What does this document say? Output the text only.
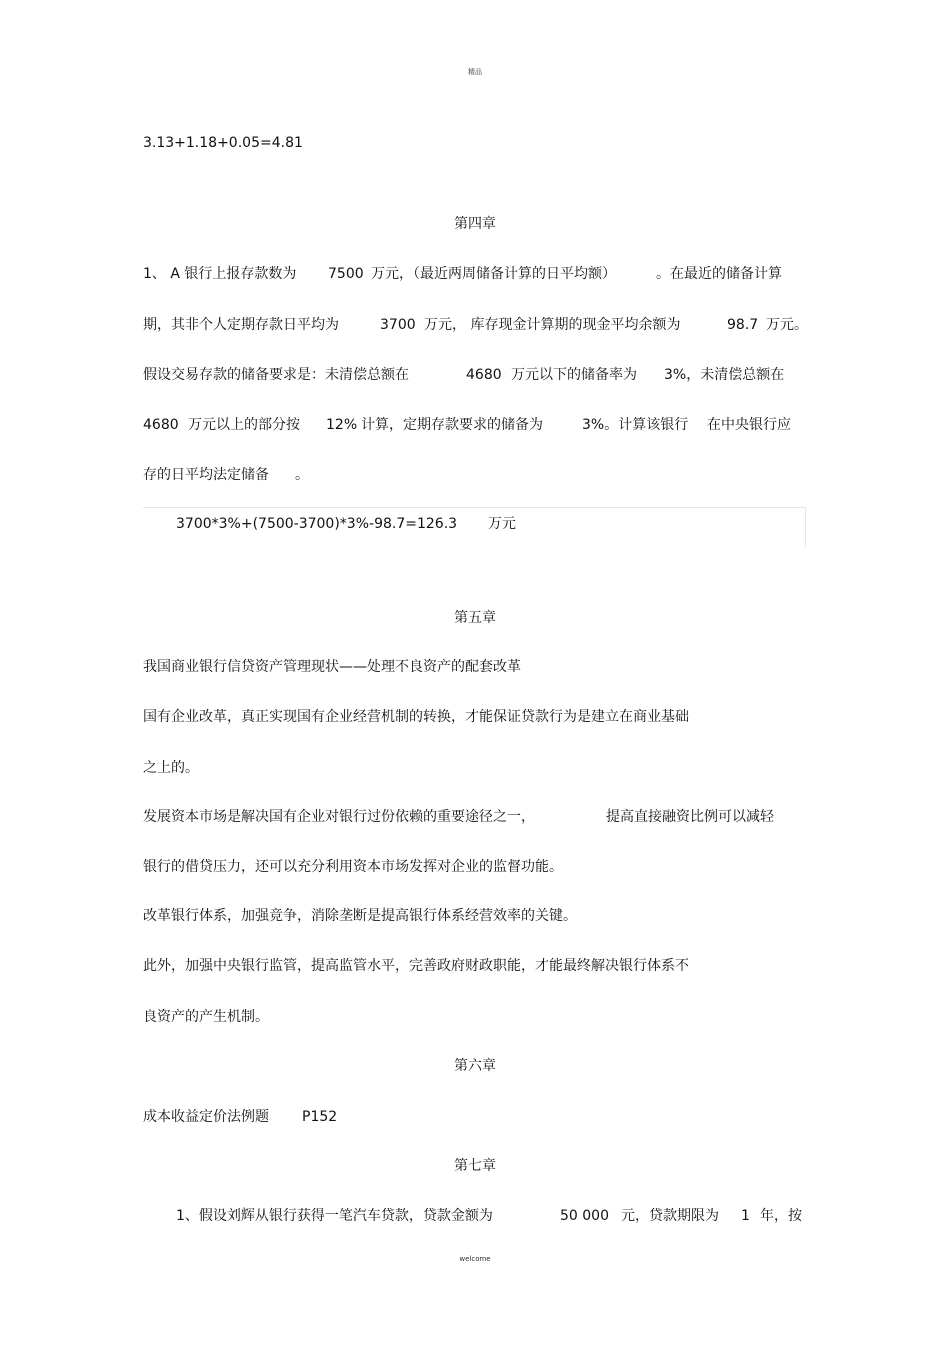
精品
3.13+1.18+0.05=4.81
第四章
1、 A 银行上报存款数为 7500 万元，（最近两周储备计算的日平均额）	。在最近的储备计算
期，其非个人定期存款日平均为	3700 万元， 库存现金计算期的现金平均余额为	98.7 万元。
假设交易存款的储备要求是：未清偿总额在	4680 万元以下的储备率为 3%，未清偿总额在
4680 万元以上的部分按 12% 计算，定期存款要求的储备为	3%。计算该银行 在中央银行应
存的日平均法定储备 。
3700*3%+(7500-3700)*3%-98.7=126.3 万元
第五章
我国商业银行信贷资产管理现状——处理不良资产的配套改革
国有企业改革，真正实现国有企业经营机制的转换，才能保证贷款行为是建立在商业基础
之上的。
发展资本市场是解决国有企业对银行过份依赖的重要途径之一，	提高直接融资比例可以减轻
银行的借贷压力，还可以充分利用资本市场发挥对企业的监督功能。
改革银行体系，加强竞争，消除垄断是提高银行体系经营效率的关键。
此外，加强中央银行监管，提高监管水平，完善政府财政职能，才能最终解决银行体系不
良资产的产生机制。
第六章
成本收益定价法例题 P152
第七章
1、假设刘辉从银行获得一笔汽车贷款，贷款金额为	50 000 元，贷款期限为 1 年，按
welcome
